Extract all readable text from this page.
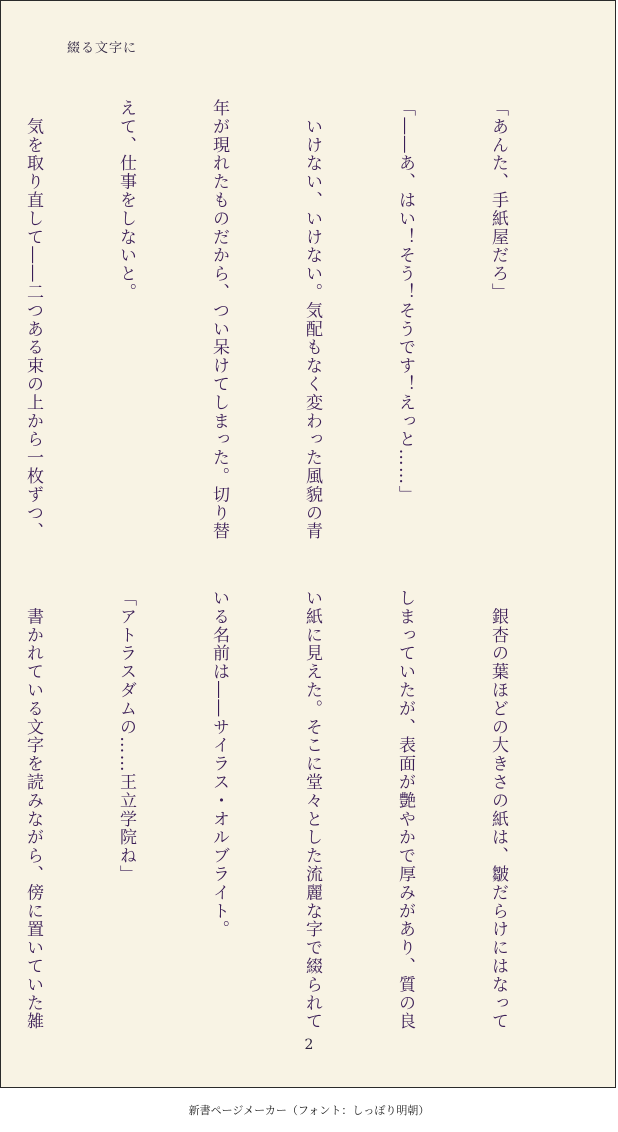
綴る文字に

「あんた、手紙屋だろ」

「――あ、はい！そう！そうです！えっと……」

　いけない、いけない。気配もなく変わった風貌の青

年が現れたものだから、つい呆けてしまった。切り替

えて、仕事をしないと。

　気を取り直して――二つある束の上から一枚ずつ、

　銀杏の葉ほどの大きさの紙は、皺だらけにはなって

しまっていたが、表面が艶やかで厚みがあり、質の良

い紙に見えた。そこに堂々とした流麗な字で綴られて

いる名前は――サイラス・オルブライト。

「アトラスダムの……王立学院ね」

　書かれている文字を読みながら、傍に置いていた雑

2
新書ページメーカー（フォント：しっぽり明朝）
